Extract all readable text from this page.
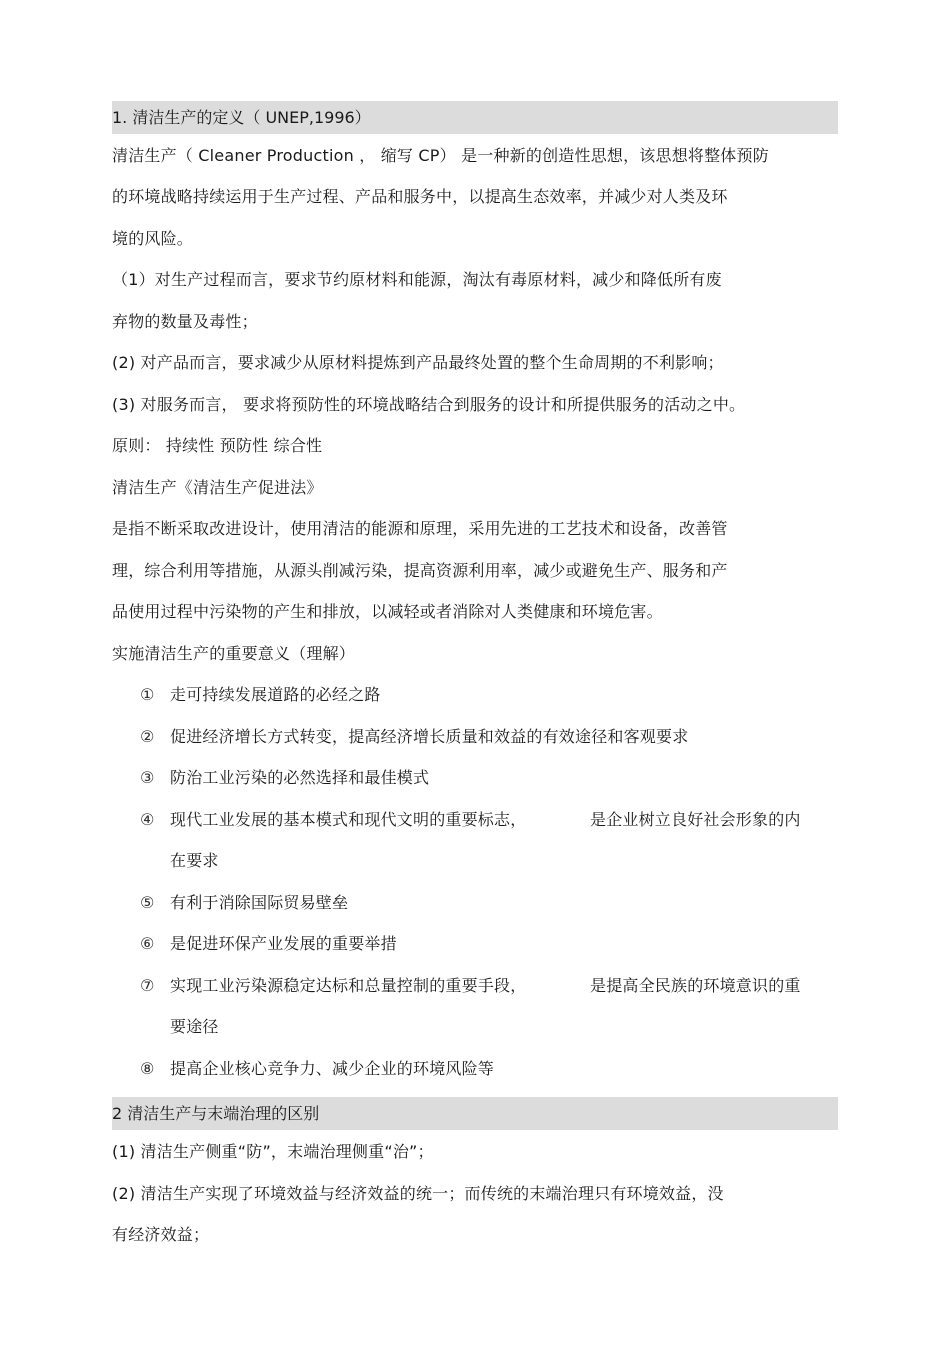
1. 清洁生产的定义（ UNEP,1996）
清洁生产（ Cleaner Production ， 缩写 CP） 是一种新的创造性思想，该思想将整体预防
的环境战略持续运用于生产过程、产品和服务中，以提高生态效率，并减少对人类及环
境的风险。
（1）对生产过程而言，要求节约原材料和能源，淘汰有毒原材料，减少和降低所有废
弃物的数量及毒性；
(2) 对产品而言，要求减少从原材料提炼到产品最终处置的整个生命周期的不利影响；
(3) 对服务而言， 要求将预防性的环境战略结合到服务的设计和所提供服务的活动之中。
原则： 持续性 预防性 综合性
清洁生产《清洁生产促进法》
是指不断采取改进设计，使用清洁的能源和原理，采用先进的工艺技术和设备，改善管
理，综合利用等措施，从源头削减污染，提高资源利用率，减少或避免生产、服务和产
品使用过程中污染物的产生和排放，以减轻或者消除对人类健康和环境危害。
实施清洁生产的重要意义（理解）
① 走可持续发展道路的必经之路
② 促进经济增长方式转变，提高经济增长质量和效益的有效途径和客观要求
③ 防治工业污染的必然选择和最佳模式
④ 现代工业发展的基本模式和现代文明的重要标志，	是企业树立良好社会形象的内
在要求
⑤ 有利于消除国际贸易壁垒
⑥ 是促进环保产业发展的重要举措
⑦ 实现工业污染源稳定达标和总量控制的重要手段，	是提高全民族的环境意识的重
要途径
⑧ 提高企业核心竞争力、减少企业的环境风险等
2 清洁生产与末端治理的区别
(1) 清洁生产侧重“防”，末端治理侧重“治”；
(2) 清洁生产实现了环境效益与经济效益的统一；而传统的末端治理只有环境效益，没
有经济效益；
